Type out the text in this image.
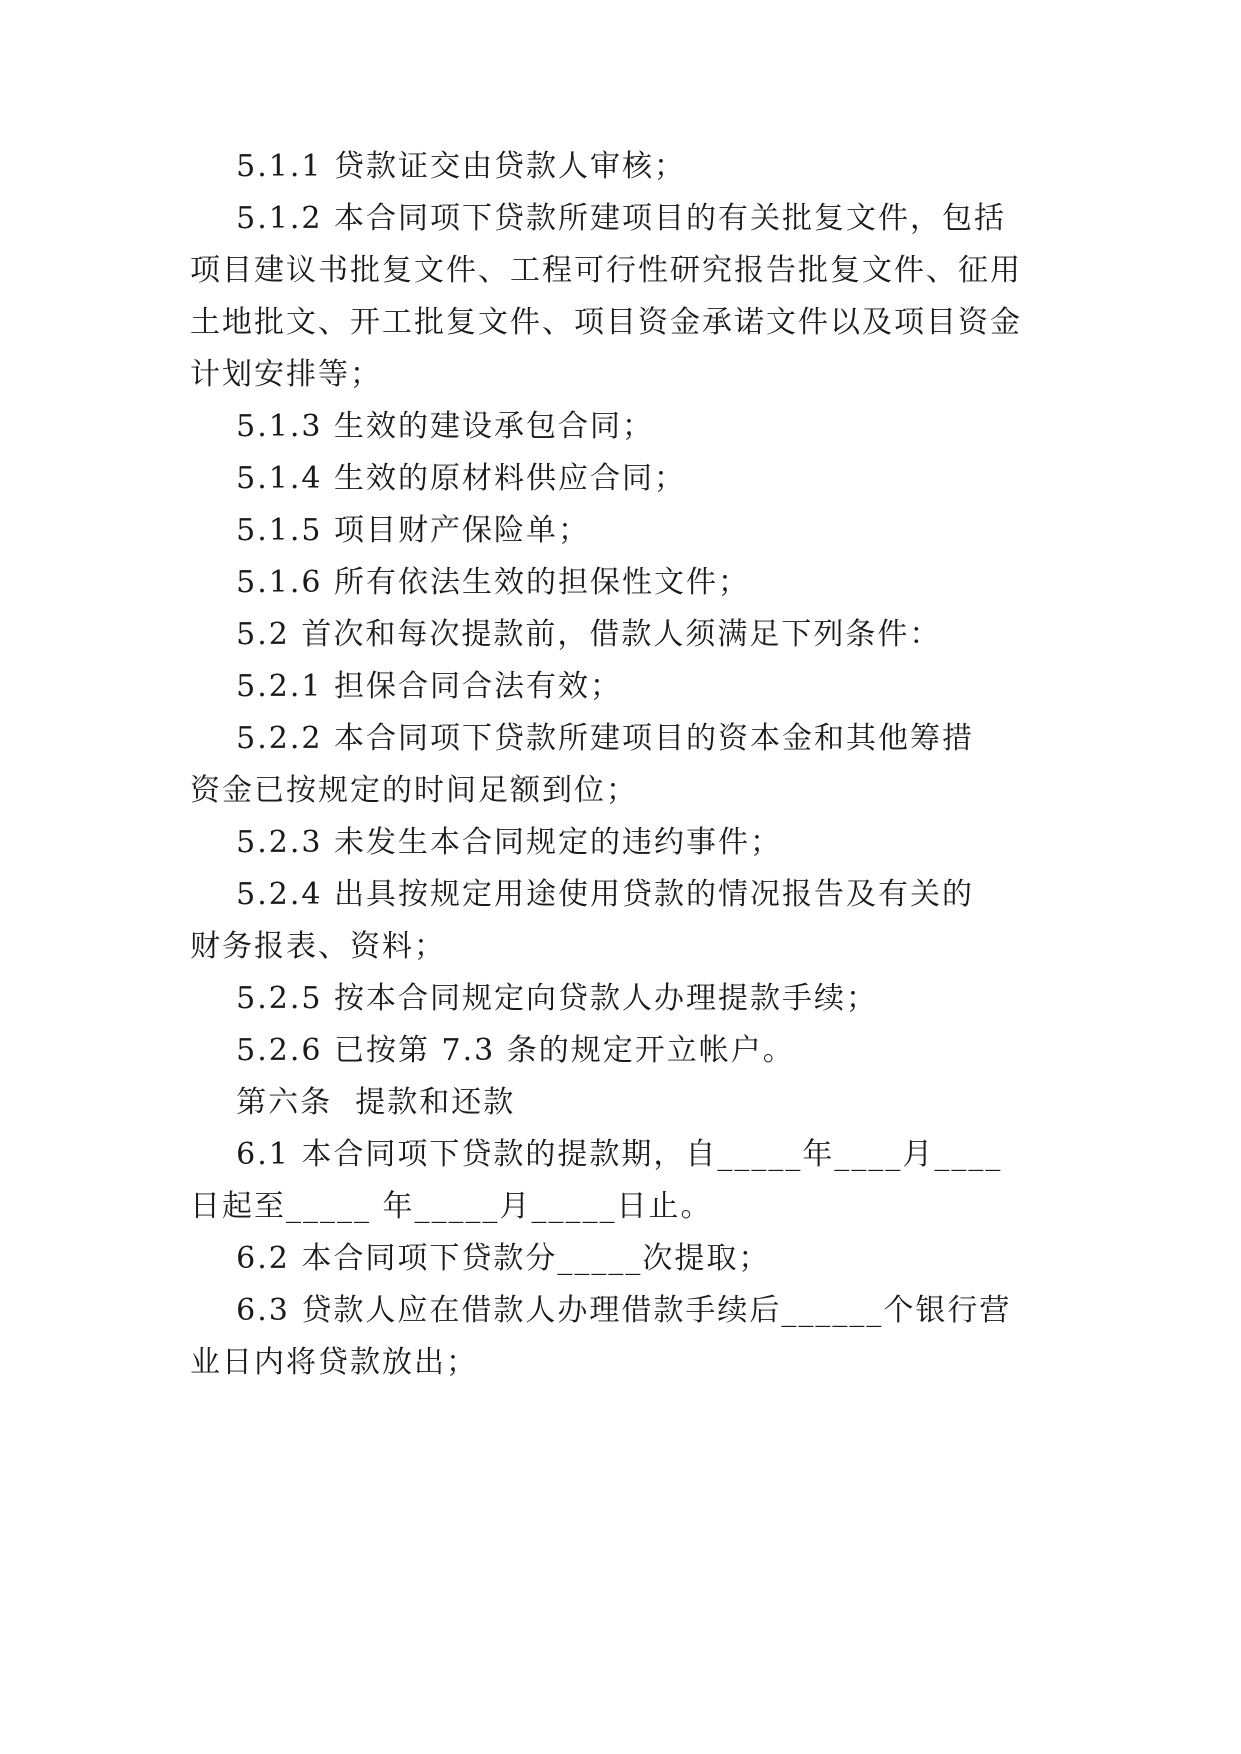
5.1.1 贷款证交由贷款人审核；

5.1.2 本合同项下贷款所建项目的有关批复文件，包括

项目建议书批复文件、工程可行性研究报告批复文件、征用

土地批文、开工批复文件、项目资金承诺文件以及项目资金

计划安排等；

5.1.3 生效的建设承包合同；

5.1.4 生效的原材料供应合同；

5.1.5 项目财产保险单；

5.1.6 所有依法生效的担保性文件；

5.2 首次和每次提款前，借款人须满足下列条件：

5.2.1 担保合同合法有效；

5.2.2 本合同项下贷款所建项目的资本金和其他筹措

资金已按规定的时间足额到位；

5.2.3 未发生本合同规定的违约事件；

5.2.4 出具按规定用途使用贷款的情况报告及有关的

财务报表、资料；

5.2.5 按本合同规定向贷款人办理提款手续；

5.2.6 已按第 7.3 条的规定开立帐户。

第六条  提款和还款

6.1 本合同项下贷款的提款期，自_____年____月____

日起至_____ 年_____月_____日止。

6.2 本合同项下贷款分_____次提取；

6.3 贷款人应在借款人办理借款手续后______个银行营

业日内将贷款放出；
